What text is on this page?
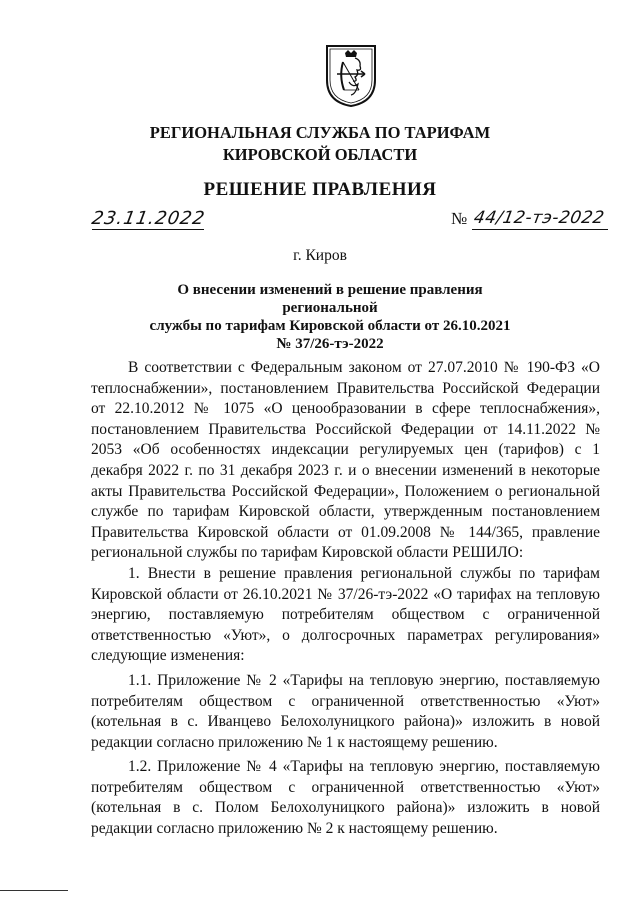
РЕГИОНАЛЬНАЯ СЛУЖБА ПО ТАРИФАМ
КИРОВСКОЙ ОБЛАСТИ
РЕШЕНИЕ ПРАВЛЕНИЯ
23.11.2022	№ 44/12-тэ-2022
г. Киров
О внесении изменений в решение правления региональной
службы по тарифам Кировской области от 26.10.2021
№ 37/26-тэ-2022

В соответствии с Федеральным законом от 27.07.2010 № 190-ФЗ «О теплоснабжении», постановлением Правительства Российской Федерации от 22.10.2012 № 1075 «О ценообразовании в сфере теплоснабжения», постановлением Правительства Российской Федерации от 14.11.2022 № 2053 «Об особенностях индексации регулируемых цен (тарифов) с 1 декабря 2022 г. по 31 декабря 2023 г. и о внесении изменений в некоторые акты Правительства Российской Федерации», Положением о региональной службе по тарифам Кировской области, утвержденным постановлением Правительства Кировской области от 01.09.2008 № 144/365, правление региональной службы по тарифам Кировской области РЕШИЛО:

1. Внести в решение правления региональной службы по тарифам Кировской области от 26.10.2021 № 37/26-тэ-2022 «О тарифах на тепловую энергию, поставляемую потребителям обществом с ограниченной ответственностью «Уют», о долгосрочных параметрах регулирования» следующие изменения:

1.1. Приложение № 2 «Тарифы на тепловую энергию, поставляемую потребителям обществом с ограниченной ответственностью «Уют» (котельная в с. Иванцево Белохолуницкого района)» изложить в новой редакции согласно приложению № 1 к настоящему решению.

1.2. Приложение № 4 «Тарифы на тепловую энергию, поставляемую потребителям обществом с ограниченной ответственностью «Уют» (котельная в с. Полом Белохолуницкого района)» изложить в новой редакции согласно приложению № 2 к настоящему решению.
